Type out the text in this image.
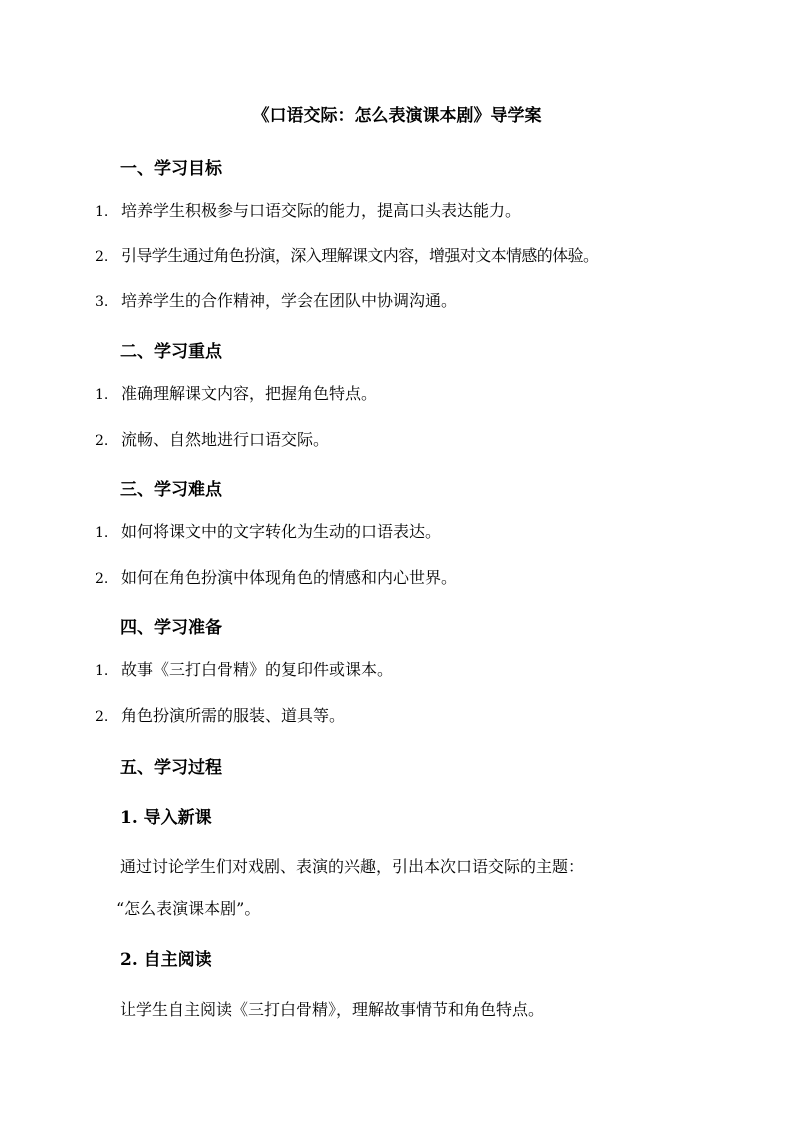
《口语交际：怎么表演课本剧》导学案
一、学习目标
1. 培养学生积极参与口语交际的能力，提高口头表达能力。
2. 引导学生通过角色扮演，深入理解课文内容，增强对文本情感的体验。
3. 培养学生的合作精神，学会在团队中协调沟通。
二、学习重点
1. 准确理解课文内容，把握角色特点。
2. 流畅、自然地进行口语交际。
三、学习难点
1. 如何将课文中的文字转化为生动的口语表达。
2. 如何在角色扮演中体现角色的情感和内心世界。
四、学习准备
1. 故事《三打白骨精》的复印件或课本。
2. 角色扮演所需的服装、道具等。
五、学习过程
1. 导入新课
通过讨论学生们对戏剧、表演的兴趣，引出本次口语交际的主题：
“怎么表演课本剧”。
2. 自主阅读
让学生自主阅读《三打白骨精》，理解故事情节和角色特点。
